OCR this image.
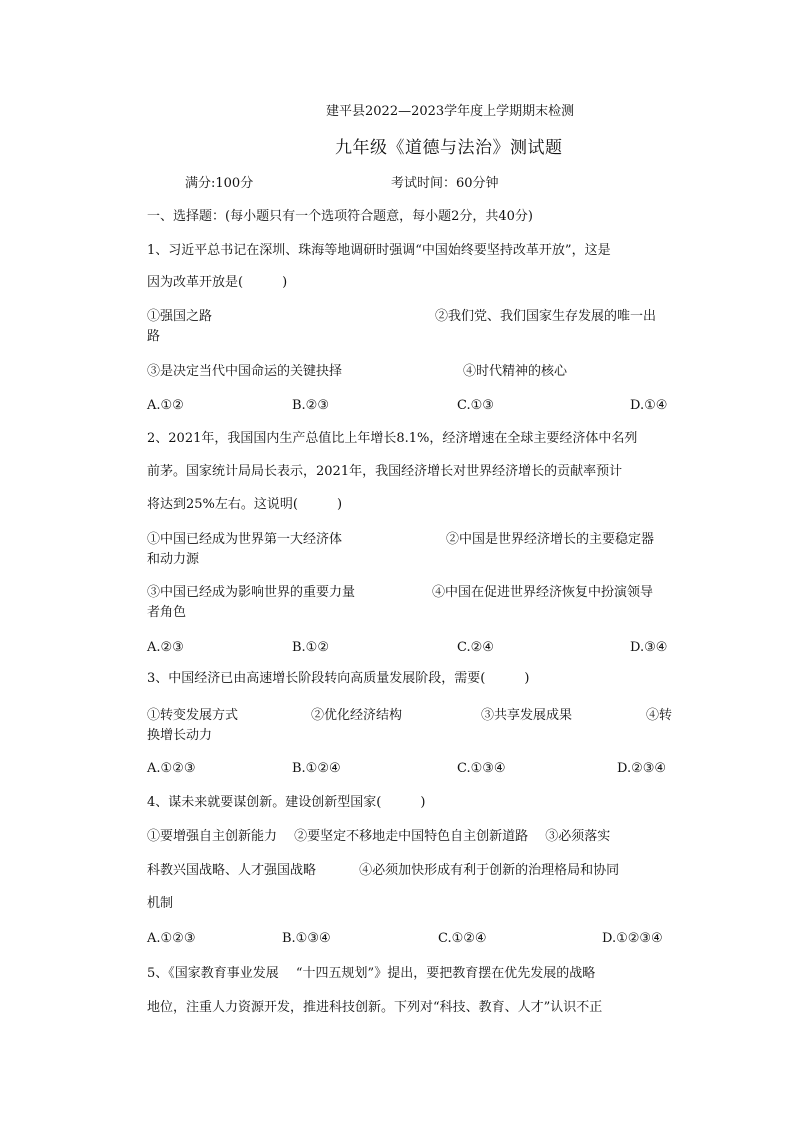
建平县2022—2023学年度上学期期末检测
九年级《道德与法治》测试题
满分:100分	考试时间：60分钟
一、选择题：(每小题只有一个选项符合题意，每小题2分，共40分)
1、习近平总书记在深圳、珠海等地调研时强调“中国始终要坚持改革开放”，这是
因为改革开放是(　　　)
①强国之路	②我们党、我们国家生存发展的唯一出
路
③是决定当代中国命运的关键抉择	④时代精神的核心
A.①②	B.②③	C.①③	D.①④
2、2021年，我国国内生产总值比上年增长8.1%，经济增速在全球主要经济体中名列
前茅。国家统计局局长表示，2021年，我国经济增长对世界经济增长的贡献率预计
将达到25%左右。这说明(　　　)
①中国已经成为世界第一大经济体	②中国是世界经济增长的主要稳定器
和动力源
③中国已经成为影响世界的重要力量	④中国在促进世界经济恢复中扮演领导
者角色
A.②③	B.①②	C.②④	D.③④
3、中国经济已由高速增长阶段转向高质量发展阶段，需要(　　　)
①转变发展方式	②优化经济结构	③共享发展成果	④转
换增长动力
A.①②③	B.①②④	C.①③④	D.②③④
4、谋未来就要谋创新。建设创新型国家(　　　)
①要增强自主创新能力　 ②要坚定不移地走中国特色自主创新道路　 ③必须落实
科教兴国战略、人才强国战略　　　 ④必须加快形成有利于创新的治理格局和协同
机制
A.①②③	B.①③④	C.①②④	D.①②③④
5、《国家教育事业发展　 “十四五规划”》提出，要把教育摆在优先发展的战略
地位，注重人力资源开发，推进科技创新。下列对“科技、教育、人才”认识不正
